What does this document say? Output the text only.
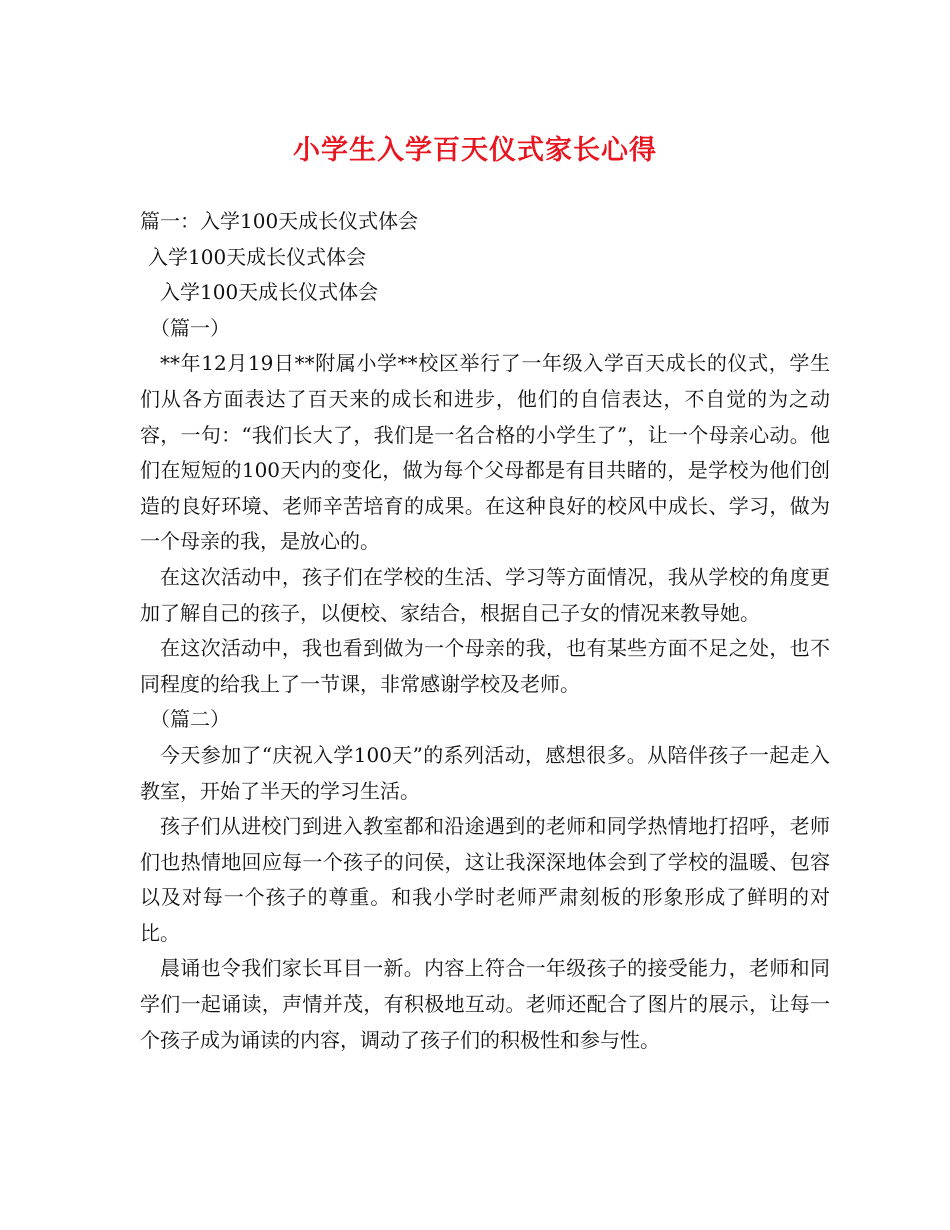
小学生入学百天仪式家长心得

篇一：入学100天成长仪式体会

入学100天成长仪式体会

入学100天成长仪式体会

（篇一）

**年12月19日**附属小学**校区举行了一年级入学百天成长的仪式，学生们从各方面表达了百天来的成长和进步，他们的自信表达，不自觉的为之动容，一句：“我们长大了，我们是一名合格的小学生了”，让一个母亲心动。他们在短短的100天内的变化，做为每个父母都是有目共睹的，是学校为他们创造的良好环境、老师辛苦培育的成果。在这种良好的校风中成长、学习，做为一个母亲的我，是放心的。

在这次活动中，孩子们在学校的生活、学习等方面情况，我从学校的角度更加了解自己的孩子，以便校、家结合，根据自己子女的情况来教导她。

在这次活动中，我也看到做为一个母亲的我，也有某些方面不足之处，也不同程度的给我上了一节课，非常感谢学校及老师。

（篇二）

今天参加了“庆祝入学100天”的系列活动，感想很多。从陪伴孩子一起走入教室，开始了半天的学习生活。

孩子们从进校门到进入教室都和沿途遇到的老师和同学热情地打招呼，老师们也热情地回应每一个孩子的问侯，这让我深深地体会到了学校的温暖、包容以及对每一个孩子的尊重。和我小学时老师严肃刻板的形象形成了鲜明的对比。

晨诵也令我们家长耳目一新。内容上符合一年级孩子的接受能力，老师和同学们一起诵读，声情并茂，有积极地互动。老师还配合了图片的展示，让每一个孩子成为诵读的内容，调动了孩子们的积极性和参与性。
